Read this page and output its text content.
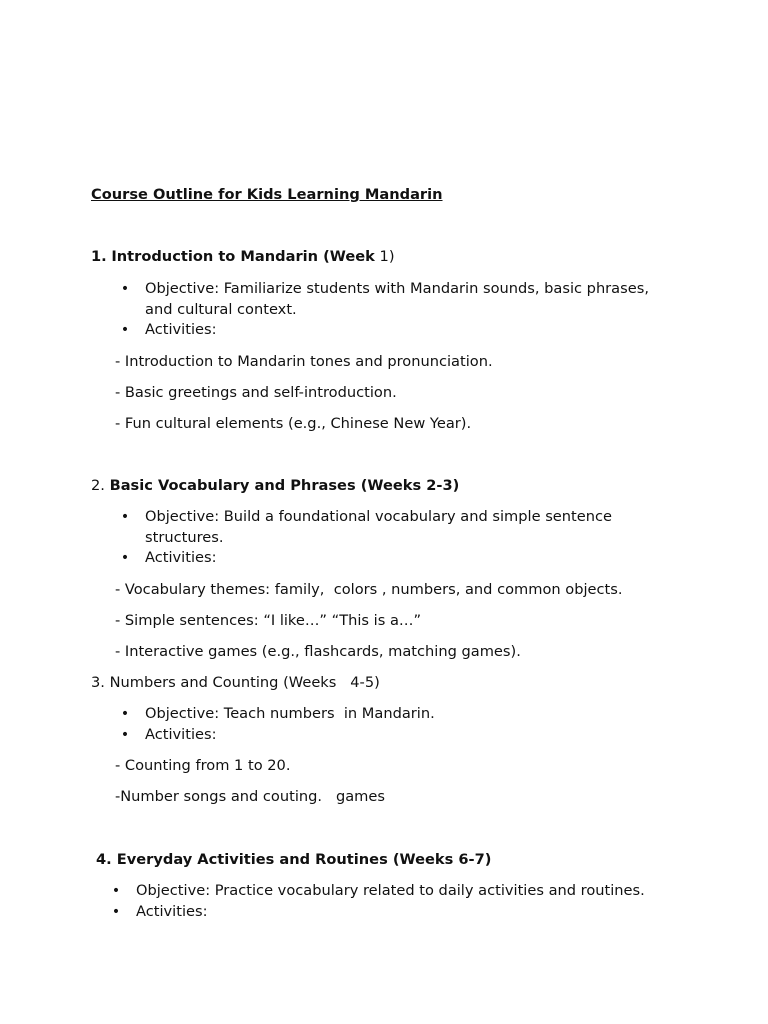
Course Outline for Kids Learning Mandarin
1. Introduction to Mandarin (Week 1)
• Objective: Familiarize students with Mandarin sounds, basic phrases, and cultural context.
• Activities:
- Introduction to Mandarin tones and pronunciation.
- Basic greetings and self-introduction.
- Fun cultural elements (e.g., Chinese New Year).
2. Basic Vocabulary and Phrases (Weeks 2-3)
• Objective: Build a foundational vocabulary and simple sentence structures.
• Activities:
- Vocabulary themes: family,  colors , numbers, and common objects.
- Simple sentences: “I like…” “This is a…”
- Interactive games (e.g., flashcards, matching games).
3. Numbers and Counting (Weeks   4-5)
• Objective: Teach numbers  in Mandarin.
• Activities:
- Counting from 1 to 20.
-Number songs and couting.   games
4. Everyday Activities and Routines (Weeks 6-7)
• Objective: Practice vocabulary related to daily activities and routines.
• Activities:
